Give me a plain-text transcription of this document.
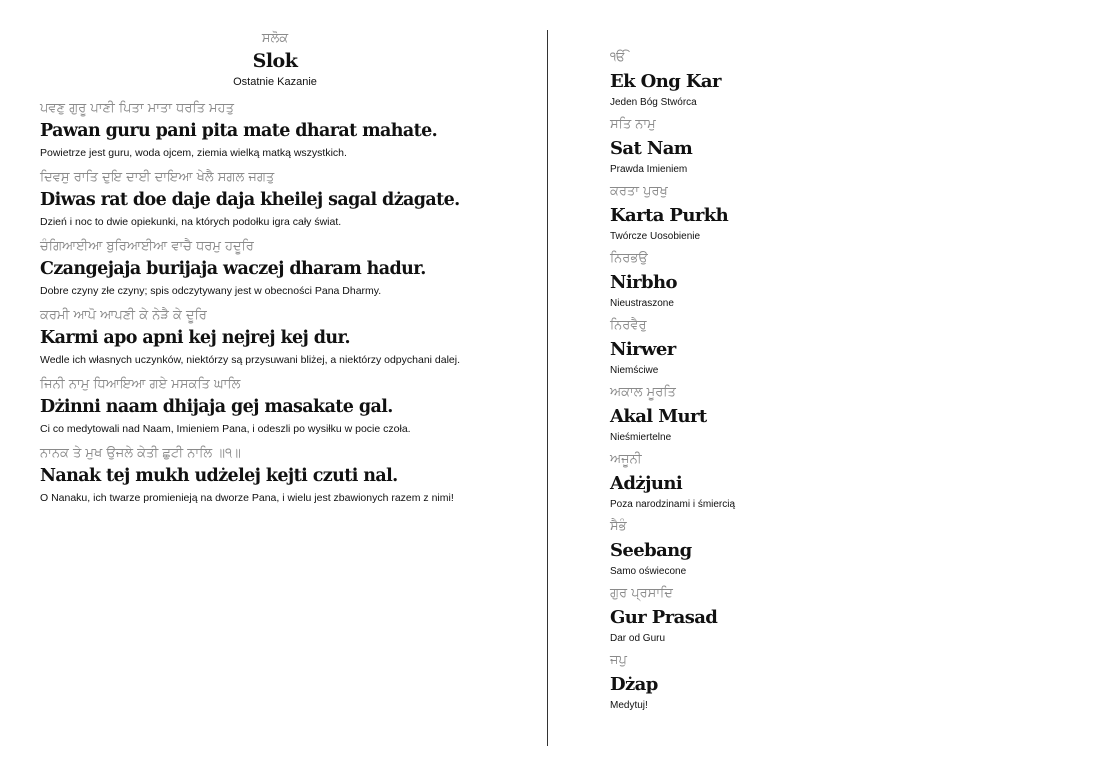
ਸਲੋਕ
Slok
Ostatnie Kazanie
ਪਵਣੁ ਗੁਰੂ ਪਾਣੀ ਪਿਤਾ ਮਾਤਾ ਧਰਤਿ ਮਹਤੁ
Pawan guru pani pita mate dharat mahate.
Powietrze jest guru, woda ojcem, ziemia wielką matką wszystkich.
ਦਿਵਸੁ ਰਾਤਿ ਦੁਇ ਦਾਈ ਦਾਇਆ ਖੇਲੈ ਸਗਲ ਜਗਤੁ
Diwas rat doe daje daja kheilej sagal dżagate.
Dzień i noc to dwie opiekunki, na których podołku igra cały świat.
ਚੰਗਿਆਈਆ ਬੁਰਿਆਈਆ ਵਾਚੈ ਧਰਮੁ ਹਦੂਰਿ
Czangejaja burijaja waczej dharam hadur.
Dobre czyny złe czyny; spis odczytywany jest w obecności Pana Dharmy.
ਕਰਮੀ ਆਪੋ ਆਪਣੀ ਕੇ ਨੇੜੈ ਕੇ ਦੂਰਿ
Karmi apo apni kej nejrej kej dur.
Wedle ich własnych uczynków, niektórzy są przysuwani bliżej, a niektórzy odpychani dalej.
ਜਿਨੀ ਨਾਮੁ ਧਿਆਇਆ ਗਏ ਮਸਕਤਿ ਘਾਲਿ
Dżinni naam dhijaja gej masakate gal.
Ci co medytowali nad Naam, Imieniem Pana, i odeszli po wysiłku w pocie czoła.
ਨਾਨਕ ਤੇ ਮੁਖ ਉਜਲੇ ਕੇਤੀ ਛੁਟੀ ਨਾਲਿ ॥੧॥
Nanak tej mukh udżelej kejti czuti nal.
O Nanaku, ich twarze promienieją na dworze Pana, i wielu jest zbawionych razem z nimi!
ੴ
Ek Ong Kar
Jeden Bóg Stwórca
ਸਤਿ ਨਾਮੁ
Sat Nam
Prawda Imieniem
ਕਰਤਾ ਪੁਰਖੁ
Karta Purkh
Twórcze Uosobienie
ਨਿਰਭਉ
Nirbho
Nieustraszone
ਨਿਰਵੈਰੁ
Nirwer
Niemściwe
ਅਕਾਲ ਮੂਰਤਿ
Akal Murt
Nieśmiertelne
ਅਜੂਨੀ
Adżjuni
Poza narodzinami i śmiercią
ਸੈਭੰ
Seebang
Samo oświecone
ਗੁਰ ਪ੍ਰਸਾਦਿ
Gur Prasad
Dar od Guru
ਜਪੁ
Dżap
Medytuj!
